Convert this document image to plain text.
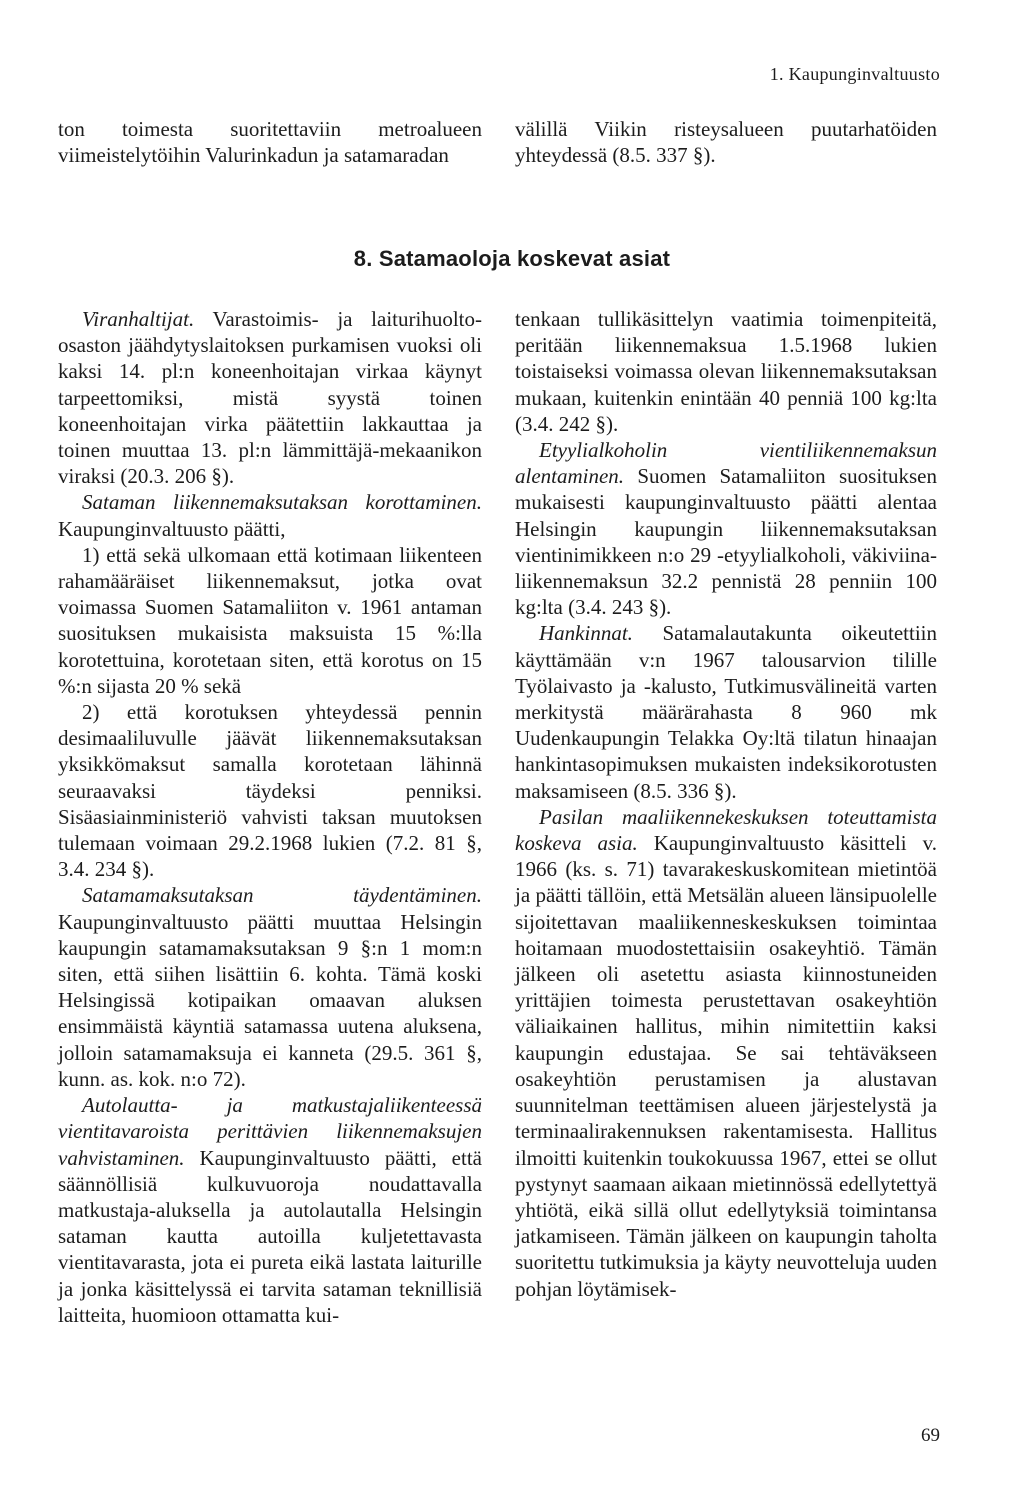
1. Kaupunginvaltuusto

ton toimesta suoritettaviin metroalueen viimeistelytöihin Valurinkadun ja satamaradan

välillä Viikin risteysalueen puutarhatöiden yhteydessä (8.5. 337 §).

8. Satamaoloja koskevat asiat

Viranhaltijat. Varastoimis- ja laiturihuolto-osaston jäähdytyslaitoksen purkamisen vuoksi oli kaksi 14. pl:n koneenhoitajan virkaa käynyt tarpeettomiksi, mistä syystä toinen koneenhoitajan virka päätettiin lakkauttaa ja toinen muuttaa 13. pl:n lämmittäjä-mekaanikon viraksi (20.3. 206 §).

Sataman liikennemaksutaksan korottaminen. Kaupunginvaltuusto päätti,

1) että sekä ulkomaan että kotimaan liikenteen rahamääräiset liikennemaksut, jotka ovat voimassa Suomen Satamaliiton v. 1961 antaman suosituksen mukaisista maksuista 15 %:lla korotettuina, korotetaan siten, että korotus on 15 %:n sijasta 20 % sekä

2) että korotuksen yhteydessä pennin desimaaliluvulle jäävät liikennemaksutaksan yksikkömaksut samalla korotetaan lähinnä seuraavaksi täydeksi penniksi. Sisäasiainministeriö vahvisti taksan muutoksen tulemaan voimaan 29.2.1968 lukien (7.2. 81 §, 3.4. 234 §).

Satamamaksutaksan täydentäminen. Kaupunginvaltuusto päätti muuttaa Helsingin kaupungin satamamaksutaksan 9 §:n 1 mom:n siten, että siihen lisättiin 6. kohta. Tämä koski Helsingissä kotipaikan omaavan aluksen ensimmäistä käyntiä satamassa uutena aluksena, jolloin satamamaksuja ei kanneta (29.5. 361 §, kunn. as. kok. n:o 72).

Autolautta- ja matkustajaliikenteessä vientitavaroista perittävien liikennemaksujen vahvistaminen. Kaupunginvaltuusto päätti, että säännöllisiä kulkuvuoroja noudattavalla matkustaja-aluksella ja autolautalla Helsingin sataman kautta autoilla kuljetettavasta vientitavarasta, jota ei pureta eikä lastata laiturille ja jonka käsittelyssä ei tarvita sataman teknillisiä laitteita, huomioon ottamatta kui-

tenkaan tullikäsittelyn vaatimia toimenpiteitä, peritään liikennemaksua 1.5.1968 lukien toistaiseksi voimassa olevan liikennemaksutaksan mukaan, kuitenkin enintään 40 penniä 100 kg:lta (3.4. 242 §).

Etyylialkoholin vientiliikennemaksun alentaminen. Suomen Satamaliiton suosituksen mukaisesti kaupunginvaltuusto päätti alentaa Helsingin kaupungin liikennemaksutaksan vientinimikkeen n:o 29 -etyylialkoholi, väkiviina- liikennemaksun 32.2 pennistä 28 penniin 100 kg:lta (3.4. 243 §).

Hankinnat. Satamalautakunta oikeutettiin käyttämään v:n 1967 talousarvion tilille Työlaivasto ja -kalusto, Tutkimusvälineitä varten merkitystä määrärahasta 8 960 mk Uudenkaupungin Telakka Oy:ltä tilatun hinaajan hankintasopimuksen mukaisten indeksikorotusten maksamiseen (8.5. 336 §).

Pasilan maaliikennekeskuksen toteuttamista koskeva asia. Kaupunginvaltuusto käsitteli v. 1966 (ks. s. 71) tavarakeskuskomitean mietintöä ja päätti tällöin, että Metsälän alueen länsipuolelle sijoitettavan maaliikenneskeskuksen toimintaa hoitamaan muodostettaisiin osakeyhtiö. Tämän jälkeen oli asetettu asiasta kiinnostuneiden yrittäjien toimesta perustettavan osakeyhtiön väliaikainen hallitus, mihin nimitettiin kaksi kaupungin edustajaa. Se sai tehtäväkseen osakeyhtiön perustamisen ja alustavan suunnitelman teettämisen alueen järjestelystä ja terminaalirakennuksen rakentamisesta. Hallitus ilmoitti kuitenkin toukokuussa 1967, ettei se ollut pystynyt saamaan aikaan mietinnössä edellytettyä yhtiötä, eikä sillä ollut edellytyksiä toimintansa jatkamiseen. Tämän jälkeen on kaupungin taholta suoritettu tutkimuksia ja käyty neuvotteluja uuden pohjan löytämisek-

69
